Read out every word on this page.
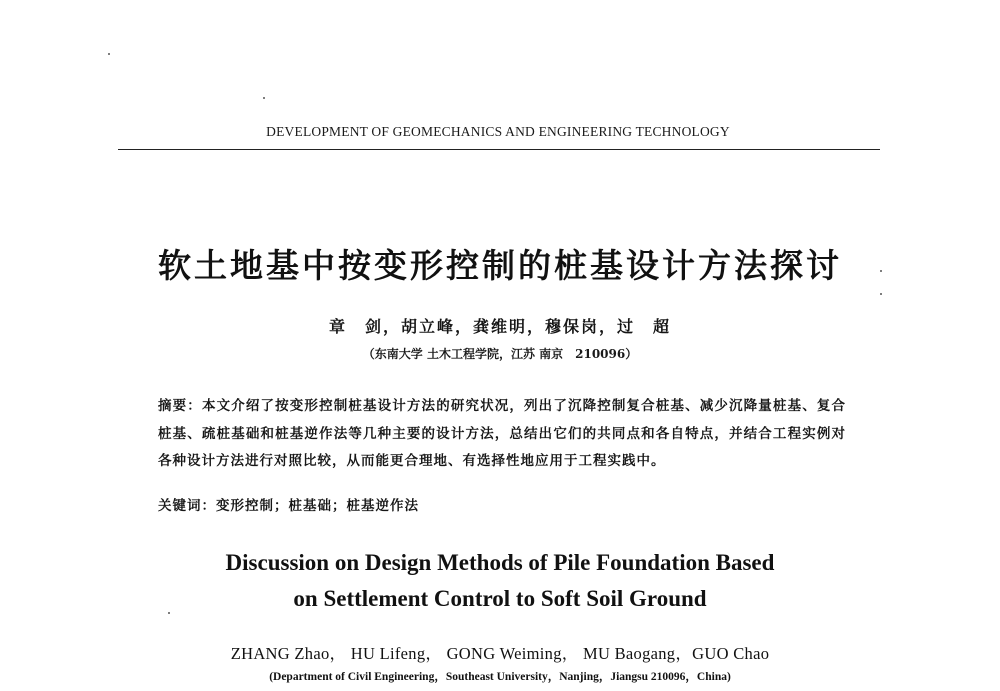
DEVELOPMENT OF GEOMECHANICS AND ENGINEERING TECHNOLOGY
软土地基中按变形控制的桩基设计方法探讨
章　剑，胡立峰，龚维明，穆保岗，过　超
（东南大学 土木工程学院，江苏 南京　210096）
摘要：本文介绍了按变形控制桩基设计方法的研究状况，列出了沉降控制复合桩基、减少沉降量桩基、复合桩基、疏桩基础和桩基逆作法等几种主要的设计方法，总结出它们的共同点和各自特点，并结合工程实例对各种设计方法进行对照比较，从而能更合理地、有选择性地应用于工程实践中。
关键词：变形控制；桩基础；桩基逆作法
Discussion on Design Methods of Pile Foundation Based
on Settlement Control to Soft Soil Ground
ZHANG Zhao， HU Lifeng， GONG Weiming， MU Baogang，GUO Chao
(Department of Civil Engineering，Southeast University，Nanjing，Jiangsu 210096，China)
